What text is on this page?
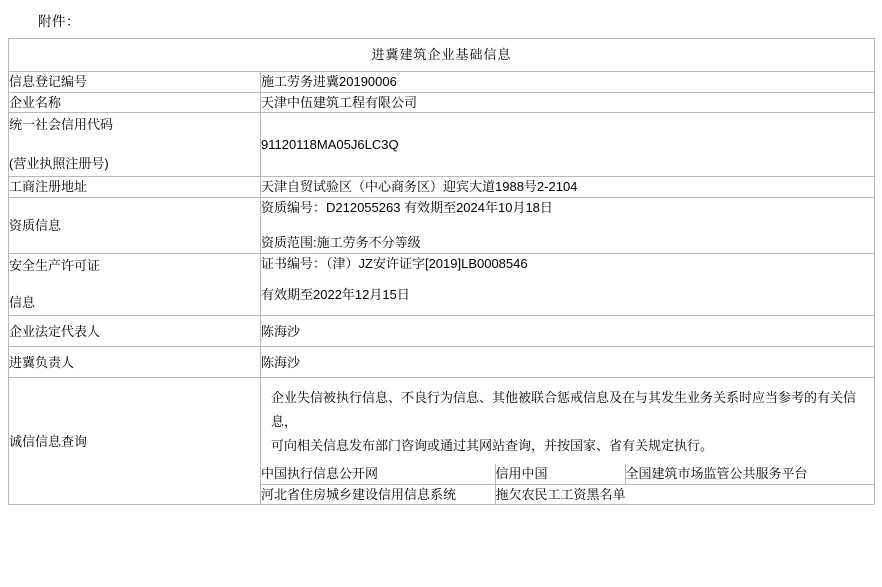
附件：
进冀建筑企业基础信息
信息登记编号	施工劳务进冀20190006
企业名称	天津中伍建筑工程有限公司

统一社会信用代码
(营业执照注册号)
	91120118MA05J6LC3Q
工商注册地址	天津自贸试验区（中心商务区）迎宾大道1988号2-2104
资质信息	
资质编号：D212055263 有效期至2024年10月18日
资质范围:施工劳务不分等级

安全生产许可证
信息

证书编号：（津）JZ安许证字[2019]LB0008546
有效期至2022年12月15日

企业法定代表人	陈海沙
进冀负责人	陈海沙
诚信信息查询	
企业失信被执行信息、不良行为信息、其他被联合惩戒信息及在与其发生业务关系时应当参考的有关信息，
可向相关信息发布部门咨询或通过其网站查询，并按国家、省有关规定执行。
中国执行信息公开网	信用中国	全国建筑市场监管公共服务平台
河北省住房城乡建设信用信息系统	拖欠农民工工资黑名单
